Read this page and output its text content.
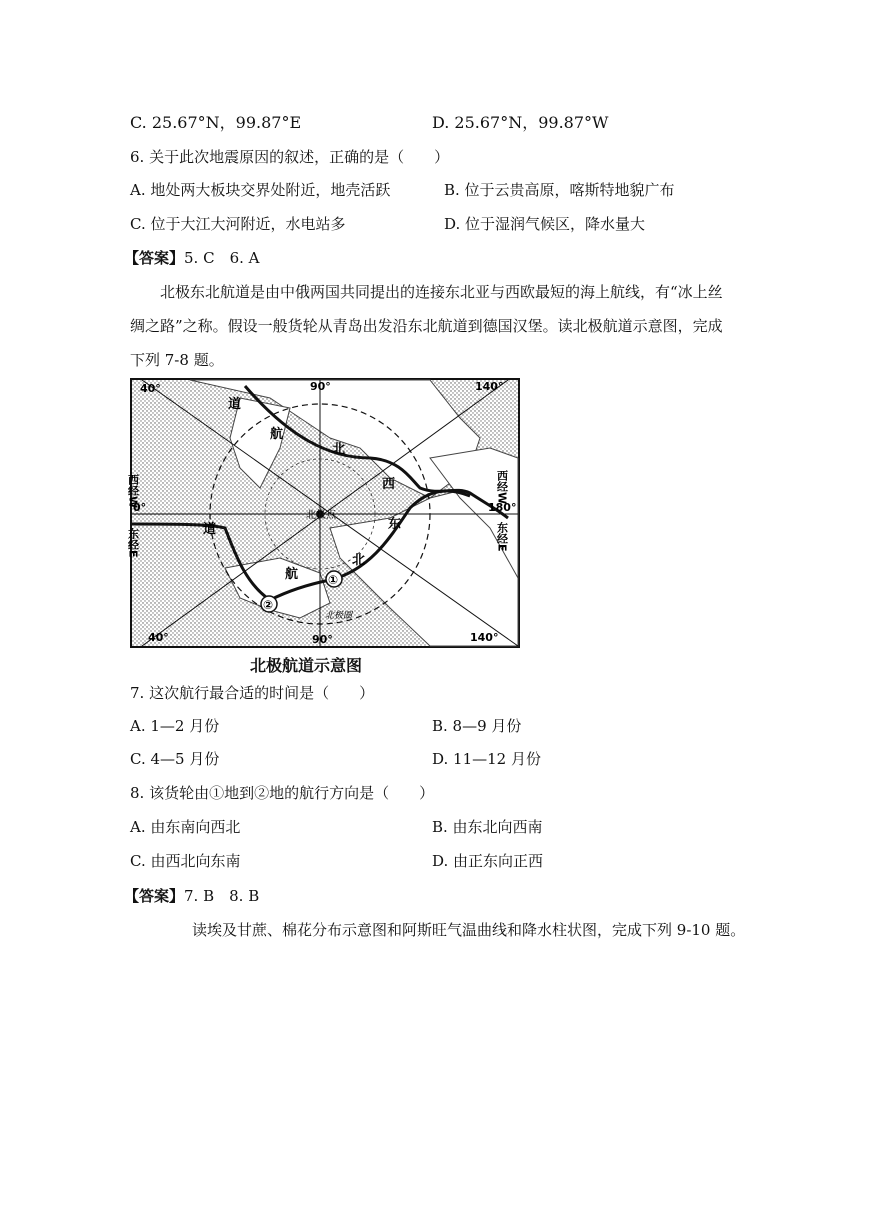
C. 25.67°N，99.87°E	D. 25.67°N，99.87°W
6. 关于此次地震原因的叙述，正确的是（　　）
A. 地处两大板块交界处附近，地壳活跃	B. 位于云贵高原，喀斯特地貌广布
C. 位于大江大河附近，水电站多	D. 位于湿润气候区，降水量大
【答案】5. C　6. A
北极东北航道是由中俄两国共同提出的连接东北亚与西欧最短的海上航线，有“冰上丝
绸之路”之称。假设一般货轮从青岛出发沿东北航道到德国汉堡。读北极航道示意图，完成
下列 7-8 题。
40°	90°	140°
40°	90°	140°
0°	180°
西经W
东经E
西经W
东经E
北极点
北极圈
道
航
北
西
东
北
航
道
①
②
北极航道示意图
7. 这次航行最合适的时间是（　　）
A. 1—2 月份	B. 8—9 月份
C. 4—5 月份	D. 11—12 月份
8. 该货轮由①地到②地的航行方向是（　　）
A. 由东南向西北	B. 由东北向西南
C. 由西北向东南	D. 由正东向正西
【答案】7. B　8. B
读埃及甘蔗、棉花分布示意图和阿斯旺气温曲线和降水柱状图，完成下列 9-10 题。
